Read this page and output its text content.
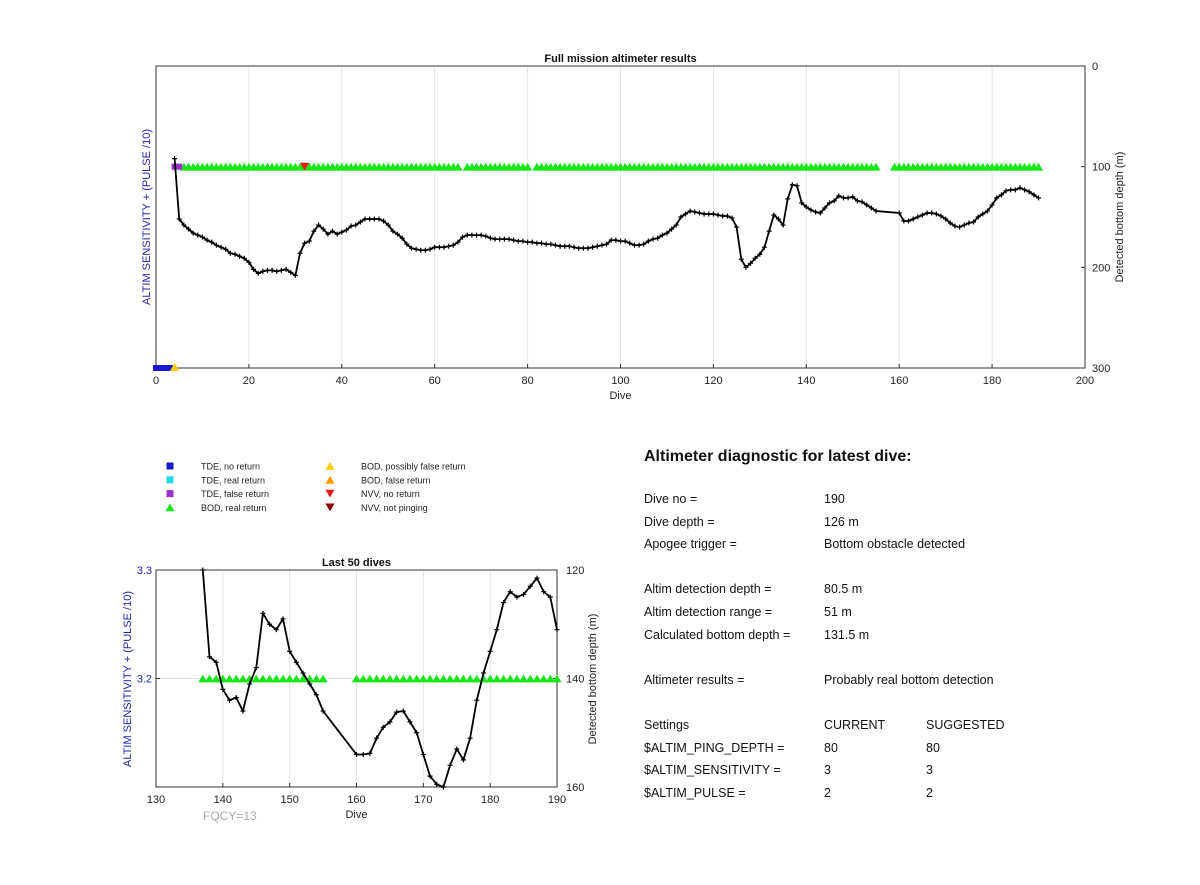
Full mission altimeter results
0	20	40	60	80	100	120	140	160	180	200
0
100
200
300
Dive
ALTIM SENSITIVITY + (PULSE /10)	Detected bottom depth (m)
TDE, no return
TDE, real return
TDE, false return
BOD, real return
BOD, possibly false return
BOD, false return
NVV, no return
NVV, not pinging
Last 50 dives
130	140	150	160	170	180	190
3.2
3.3	120
140
160
Dive
ALTIM SENSITIVITY + (PULSE /10)	Detected bottom depth (m)
FQCY=13
Altimeter diagnostic for latest dive:
Dive no =	190
Dive depth =	126 m
Apogee trigger =	Bottom obstacle detected
Altim detection depth =	80.5 m
Altim detection range =	51 m
Calculated bottom depth =	131.5 m
Altimeter results =	Probably real bottom detection
Settings	CURRENT	SUGGESTED
$ALTIM_PING_DEPTH =	80	80
$ALTIM_SENSITIVITY =	3	3
$ALTIM_PULSE =	2	2
